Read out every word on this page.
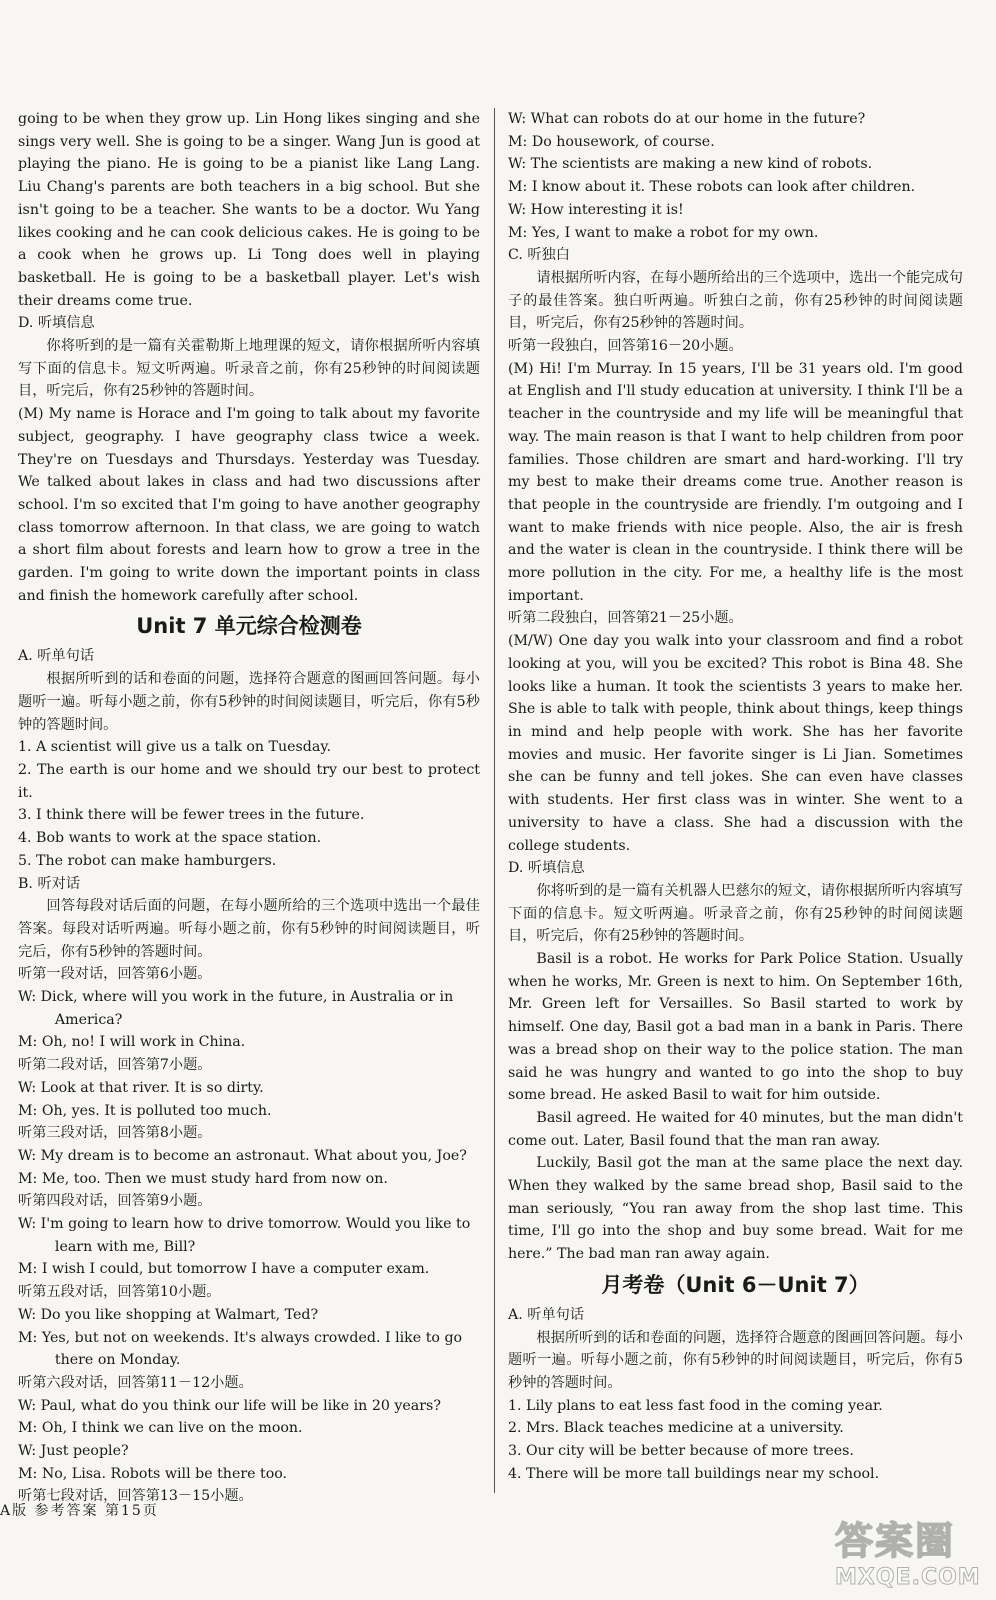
going to be when they grow up. Lin Hong likes singing and she sings very well. She is going to be a singer. Wang Jun is good at playing the piano. He is going to be a pianist like Lang Lang. Liu Chang's parents are both teachers in a big school. But she isn't going to be a teacher. She wants to be a doctor. Wu Yang likes cooking and he can cook delicious cakes. He is going to be a cook when he grows up. Li Tong does well in playing basketball. He is going to be a basketball player. Let's wish their dreams come true.

D. 听填信息

你将听到的是一篇有关霍勒斯上地理课的短文，请你根据所听内容填写下面的信息卡。短文听两遍。听录音之前，你有25秒钟的时间阅读题目，听完后，你有25秒钟的答题时间。

(M) My name is Horace and I'm going to talk about my favorite subject, geography. I have geography class twice a week. They're on Tuesdays and Thursdays. Yesterday was Tuesday. We talked about lakes in class and had two discussions after school. I'm so excited that I'm going to have another geography class tomorrow afternoon. In that class, we are going to watch a short film about forests and learn how to grow a tree in the garden. I'm going to write down the important points in class and finish the homework carefully after school.

Unit 7 单元综合检测卷

A. 听单句话

根据所听到的话和卷面的问题，选择符合题意的图画回答问题。每小题听一遍。听每小题之前，你有5秒钟的时间阅读题目，听完后，你有5秒钟的答题时间。

1. A scientist will give us a talk on Tuesday.

2. The earth is our home and we should try our best to protect it.

3. I think there will be fewer trees in the future.

4. Bob wants to work at the space station.

5. The robot can make hamburgers.

B. 听对话

回答每段对话后面的问题，在每小题所给的三个选项中选出一个最佳答案。每段对话听两遍。听每小题之前，你有5秒钟的时间阅读题目，听完后，你有5秒钟的答题时间。

听第一段对话，回答第6小题。

W: Dick, where will you work in the future, in Australia or in America?

M: Oh, no! I will work in China.

听第二段对话，回答第7小题。

W: Look at that river. It is so dirty.

M: Oh, yes. It is polluted too much.

听第三段对话，回答第8小题。

W: My dream is to become an astronaut. What about you, Joe?

M: Me, too. Then we must study hard from now on.

听第四段对话，回答第9小题。

W: I'm going to learn how to drive tomorrow. Would you like to learn with me, Bill?

M: I wish I could, but tomorrow I have a computer exam.

听第五段对话，回答第10小题。

W: Do you like shopping at Walmart, Ted?

M: Yes, but not on weekends. It's always crowded. I like to go there on Monday.

听第六段对话，回答第11－12小题。

W: Paul, what do you think our life will be like in 20 years?

M: Oh, I think we can live on the moon.

W: Just people?

M: No, Lisa. Robots will be there too.

听第七段对话，回答第13－15小题。

W: What can robots do at our home in the future?

M: Do housework, of course.

W: The scientists are making a new kind of robots.

M: I know about it. These robots can look after children.

W: How interesting it is!

M: Yes, I want to make a robot for my own.

C. 听独白

请根据所听内容，在每小题所给出的三个选项中，选出一个能完成句子的最佳答案。独白听两遍。听独白之前，你有25秒钟的时间阅读题目，听完后，你有25秒钟的答题时间。

听第一段独白，回答第16－20小题。

(M) Hi! I'm Murray. In 15 years, I'll be 31 years old. I'm good at English and I'll study education at university. I think I'll be a teacher in the countryside and my life will be meaningful that way. The main reason is that I want to help children from poor families. Those children are smart and hard-working. I'll try my best to make their dreams come true. Another reason is that people in the countryside are friendly. I'm outgoing and I want to make friends with nice people. Also, the air is fresh and the water is clean in the countryside. I think there will be more pollution in the city. For me, a healthy life is the most important.

听第二段独白，回答第21－25小题。

(M/W) One day you walk into your classroom and find a robot looking at you, will you be excited? This robot is Bina 48. She looks like a human. It took the scientists 3 years to make her. She is able to talk with people, think about things, keep things in mind and help people with work. She has her favorite movies and music. Her favorite singer is Li Jian. Sometimes she can be funny and tell jokes. She can even have classes with students. Her first class was in winter. She went to a university to have a class. She had a discussion with the college students.

D. 听填信息

你将听到的是一篇有关机器人巴慈尔的短文，请你根据所听内容填写下面的信息卡。短文听两遍。听录音之前，你有25秒钟的时间阅读题目，听完后，你有25秒钟的答题时间。

Basil is a robot. He works for Park Police Station. Usually when he works, Mr. Green is next to him. On September 16th, Mr. Green left for Versailles. So Basil started to work by himself. One day, Basil got a bad man in a bank in Paris. There was a bread shop on their way to the police station. The man said he was hungry and wanted to go into the shop to buy some bread. He asked Basil to wait for him outside.

Basil agreed. He waited for 40 minutes, but the man didn't come out. Later, Basil found that the man ran away.

Luckily, Basil got the man at the same place the next day. When they walked by the same bread shop, Basil said to the man seriously, “You ran away from the shop last time. This time, I'll go into the shop and buy some bread. Wait for me here.” The bad man ran away again.

月考卷（Unit 6－Unit 7）

A. 听单句话

根据所听到的话和卷面的问题，选择符合题意的图画回答问题。每小题听一遍。听每小题之前，你有5秒钟的时间阅读题目，听完后，你有5秒钟的答题时间。

1. Lily plans to eat less fast food in the coming year.

2. Mrs. Black teaches medicine at a university.

3. Our city will be better because of more trees.

4. There will be more tall buildings near my school.

A版 参考答案 第15页
答案圈
MXQE.COM
